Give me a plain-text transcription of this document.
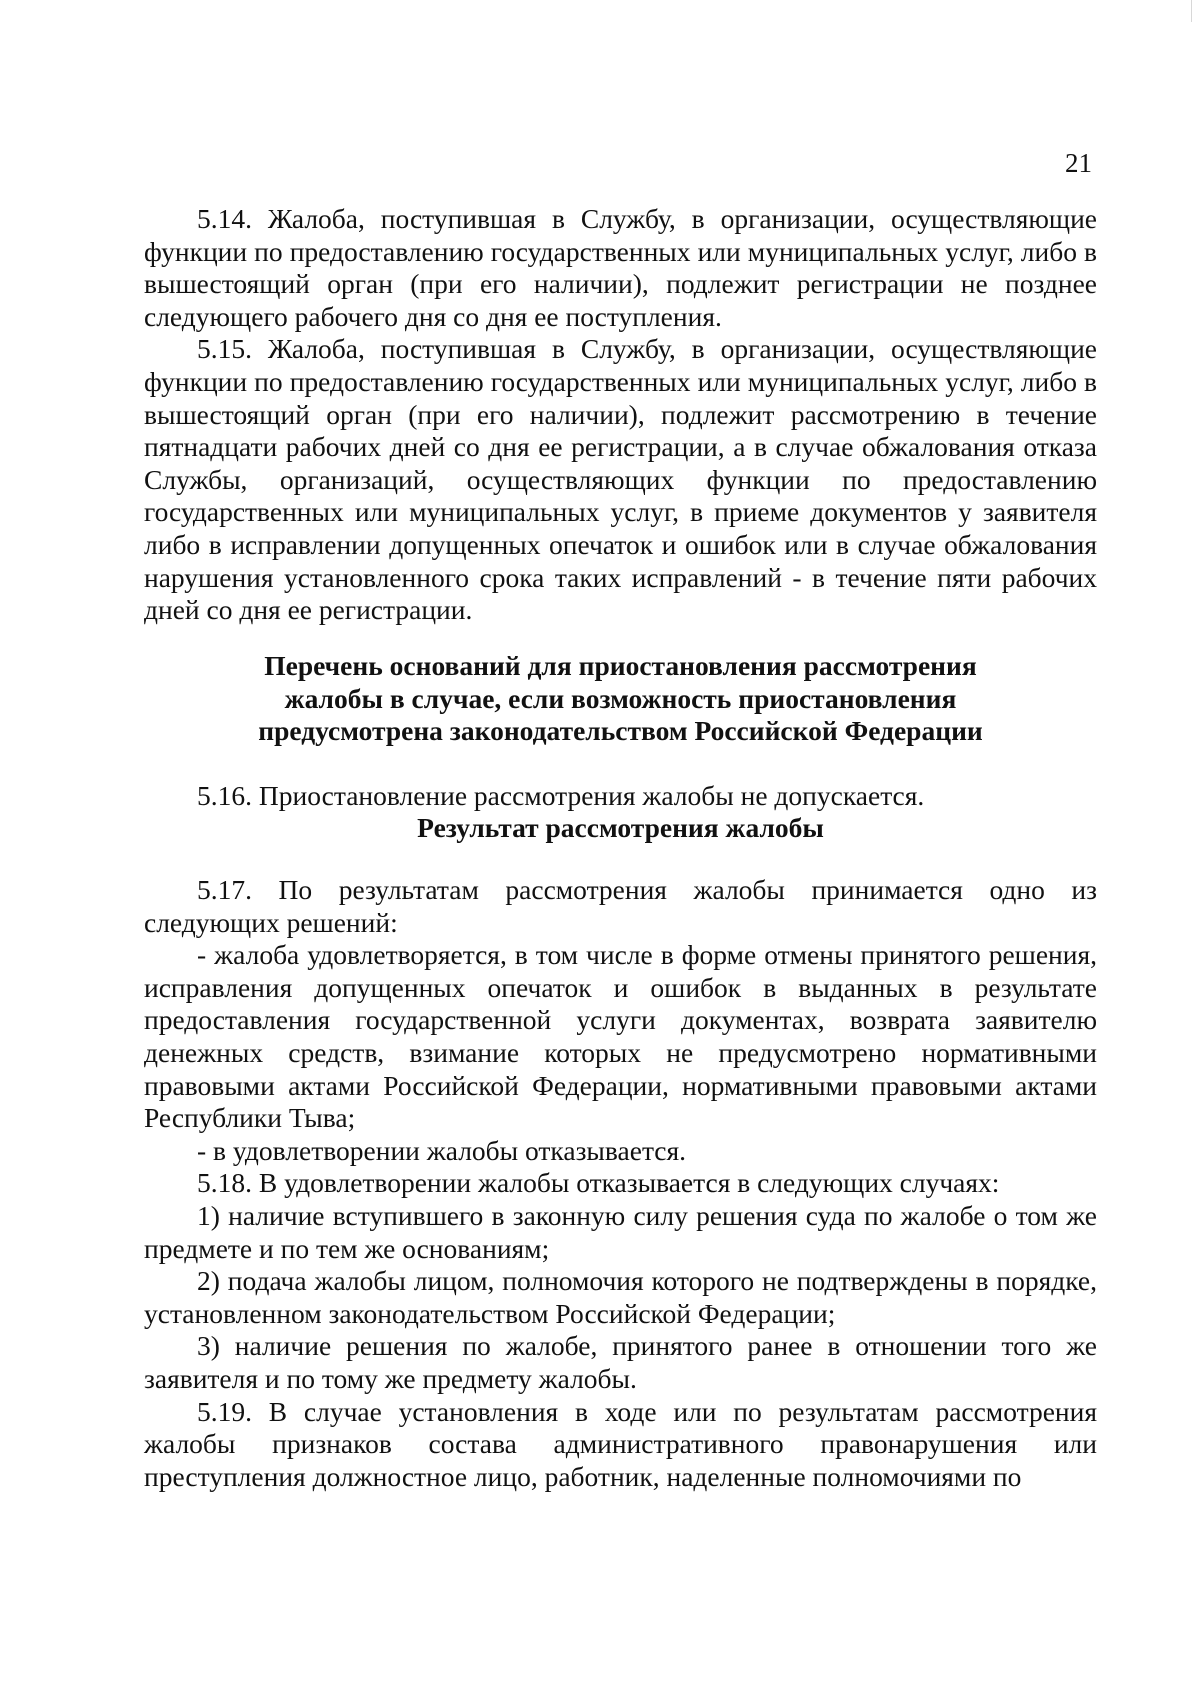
21

5.14. Жалоба, поступившая в Службу, в организации, осуществляющие функции по предоставлению государственных или муниципальных услуг, либо в вышестоящий орган (при его наличии), подлежит регистрации не позднее следующего рабочего дня со дня ее поступления.

5.15. Жалоба, поступившая в Службу, в организации, осуществляющие функции по предоставлению государственных или муниципальных услуг, либо в вышестоящий орган (при его наличии), подлежит рассмотрению в течение пятнадцати рабочих дней со дня ее регистрации, а в случае обжалования отказа Службы, организаций, осуществляющих функции по предоставлению государственных или муниципальных услуг, в приеме документов у заявителя либо в исправлении допущенных опечаток и ошибок или в случае обжалования нарушения установленного срока таких исправлений - в течение пяти рабочих дней со дня ее регистрации.

Перечень оснований для приостановления рассмотрения
жалобы в случае, если возможность приостановления
предусмотрена законодательством Российской Федерации

5.16. Приостановление рассмотрения жалобы не допускается.

Результат рассмотрения жалобы

5.17. По результатам рассмотрения жалобы принимается одно из следующих решений:

- жалоба удовлетворяется, в том числе в форме отмены принятого решения, исправления допущенных опечаток и ошибок в выданных в результате предоставления государственной услуги документах, возврата заявителю денежных средств, взимание которых не предусмотрено нормативными правовыми актами Российской Федерации, нормативными правовыми актами Республики Тыва;

- в удовлетворении жалобы отказывается.

5.18. В удовлетворении жалобы отказывается в следующих случаях:

1) наличие вступившего в законную силу решения суда по жалобе о том же предмете и по тем же основаниям;

2) подача жалобы лицом, полномочия которого не подтверждены в порядке, установленном законодательством Российской Федерации;

3) наличие решения по жалобе, принятого ранее в отношении того же заявителя и по тому же предмету жалобы.

5.19. В случае установления в ходе или по результатам рассмотрения жалобы признаков состава административного правонарушения или преступления должностное лицо, работник, наделенные полномочиями по
